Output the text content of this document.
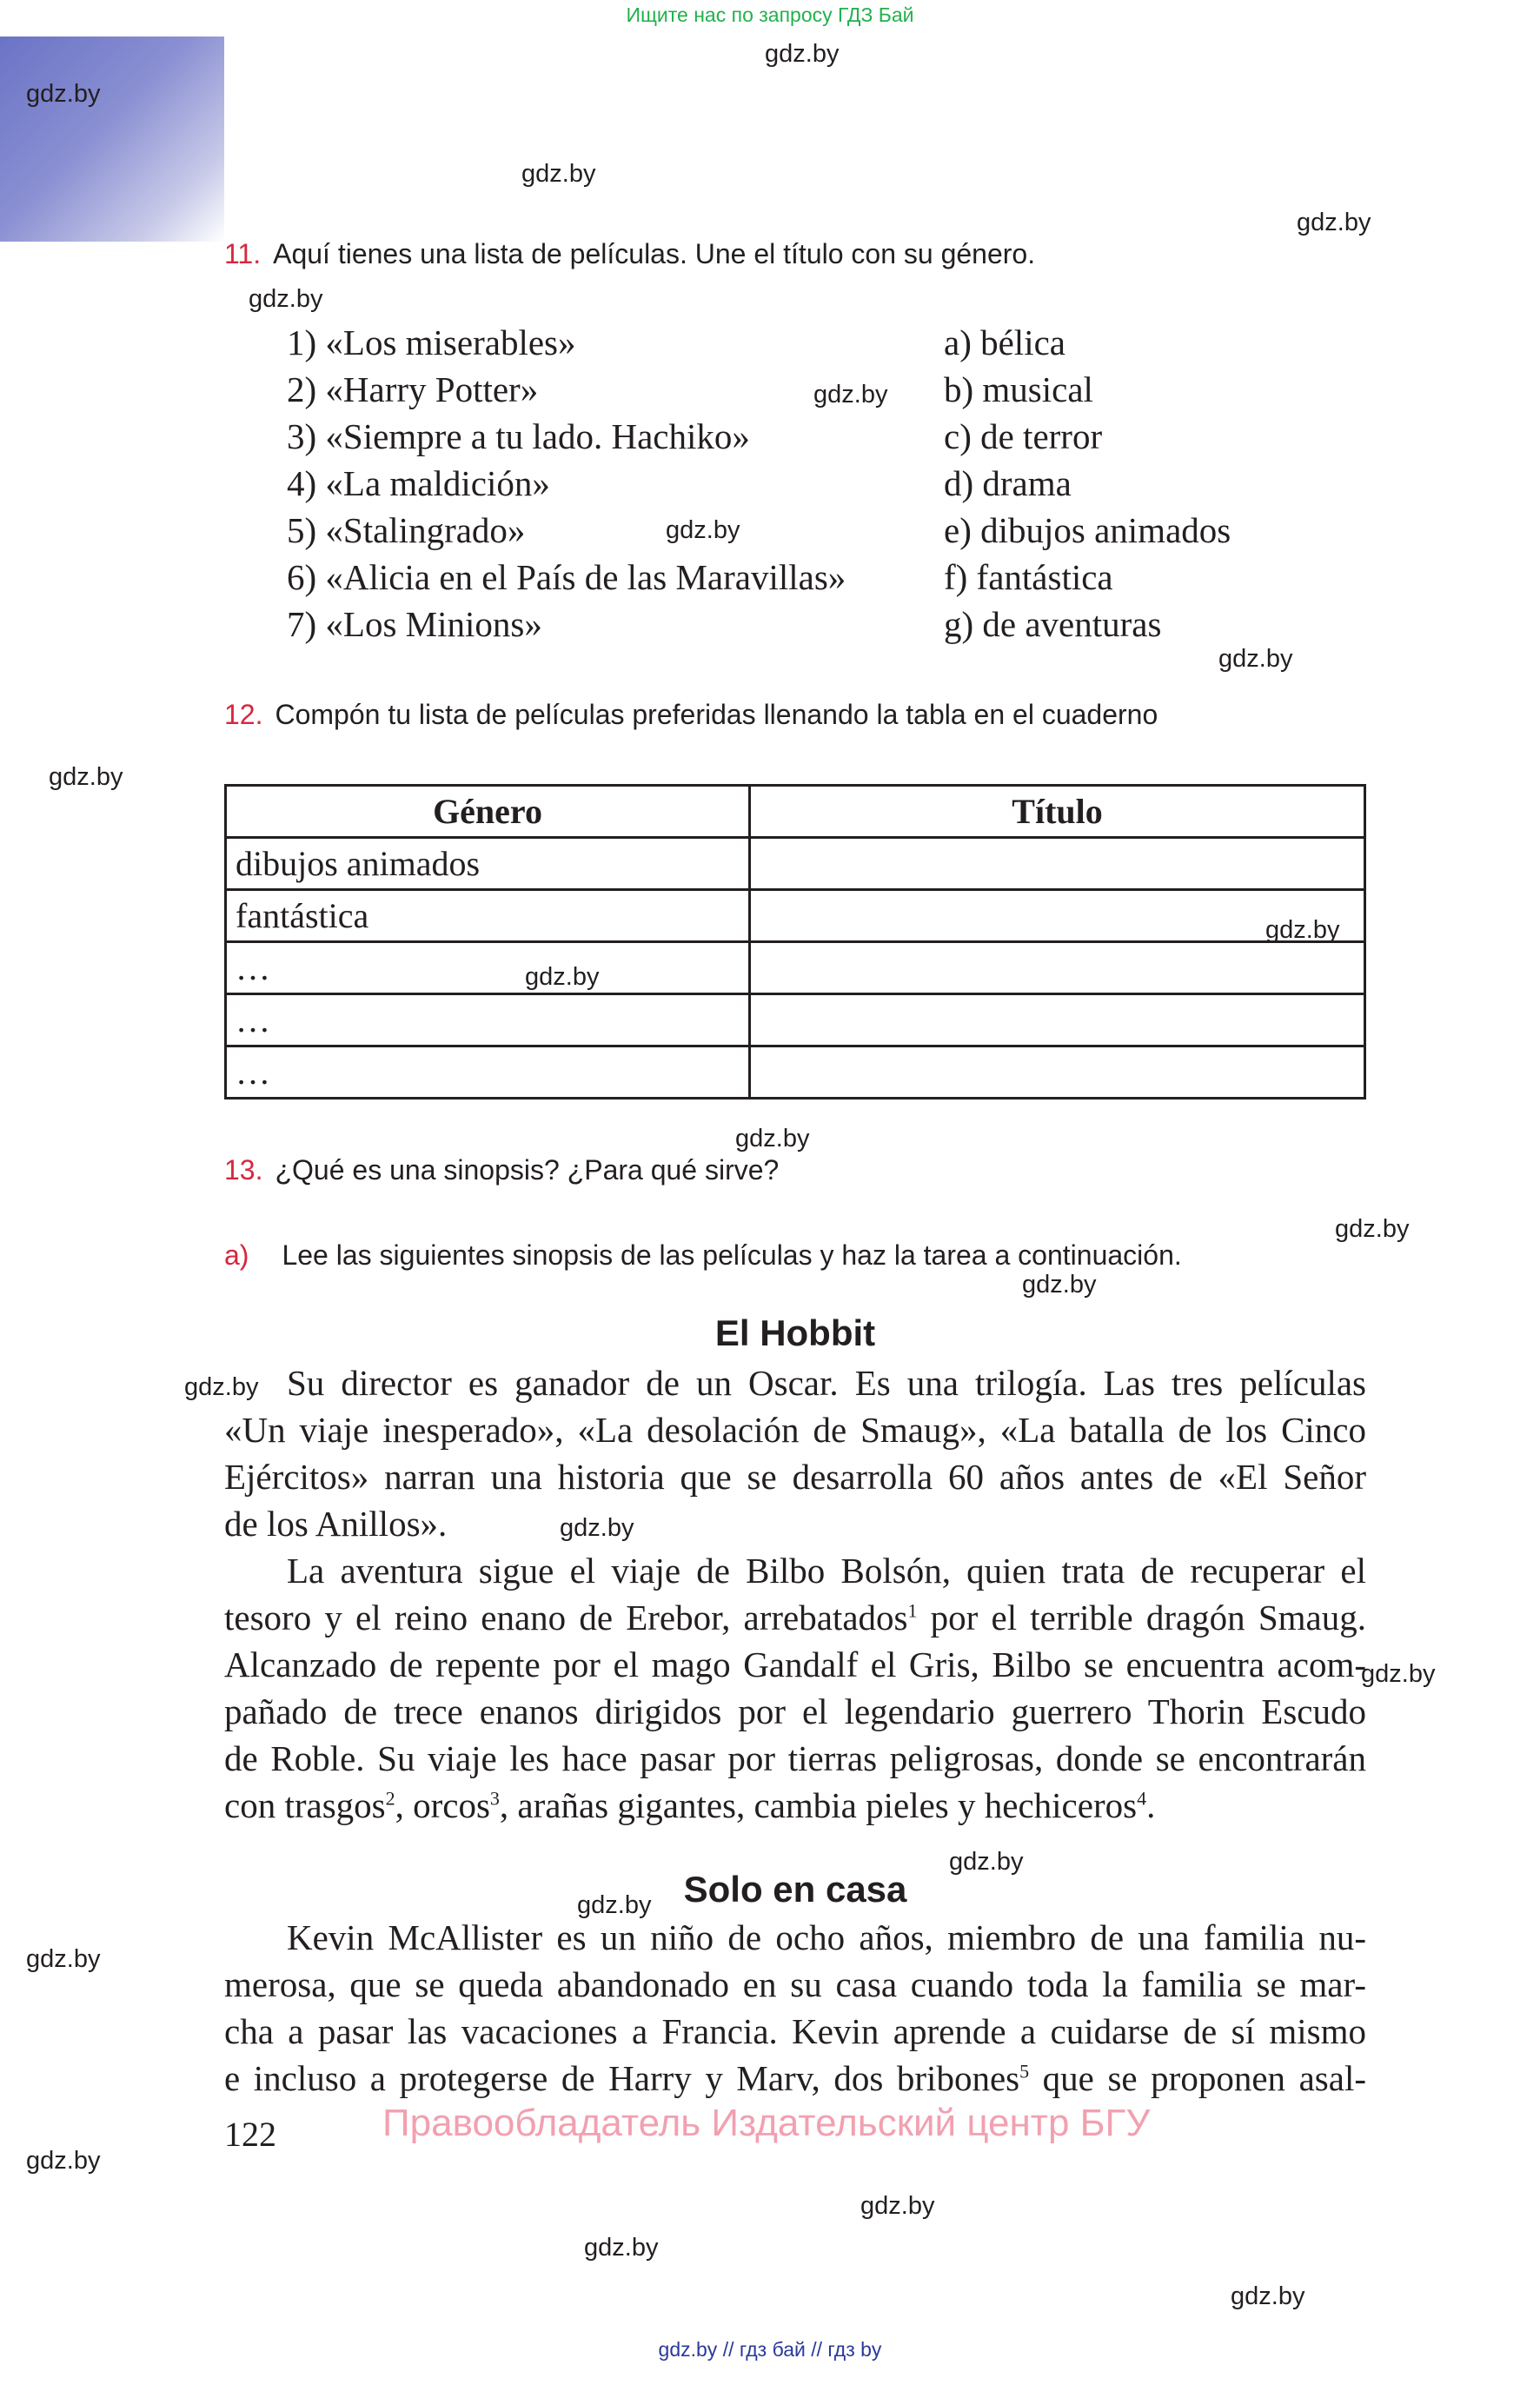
Ищите нас по запросу ГДЗ Бай
gdz.by
gdz.by
gdz.by
gdz.by
gdz.by
gdz.by
gdz.by
gdz.by
gdz.by
gdz.by
gdz.by
gdz.by
gdz.by
gdz.by
gdz.by
gdz.by
gdz.by
gdz.by
gdz.by
gdz.by
gdz.by
gdz.by
gdz.by
gdz.by
11. Aquí tienes una lista de películas. Une el título con su género.
1) «Los miserables»
2) «Harry Potter»
3) «Siempre a tu lado. Hachiko»
4) «La maldición»
5) «Stalingrado»
6) «Alicia en el País de las Maravillas»
7) «Los Minions»
a) bélica
b) musical
c) de terror
d) drama
e) dibujos animados
f) fantástica
g) de aventuras
12. Compón tu lista de películas preferidas llenando la tabla en el cuaderno
Género	Título
dibujos animados	
fantástica	
…	
…	
…	
13. ¿Qué es una sinopsis? ¿Para qué sirve?
a) Lee las siguientes sinopsis de las películas y haz la tarea a continuación.
El Hobbit
Su director es ganador de un Oscar. Es una trilogía. Las tres películas
«Un viaje inesperado», «La desolación de Smaug», «La batalla de los Cinco
Ejércitos» narran una historia que se desarrolla 60 años antes de «El Señor
de los Anillos».
La aventura sigue el viaje de Bilbo Bolsón, quien trata de recuperar el
tesoro y el reino enano de Erebor, arrebatados$^1$ por el terrible dragón Smaug.
Alcanzado de repente por el mago Gandalf el Gris, Bilbo se encuentra acom-
pañado de trece enanos dirigidos por el legendario guerrero Thorin Escudo
de Roble. Su viaje les hace pasar por tierras peligrosas, donde se encontrarán
con trasgos$^2$, orcos$^3$, arañas gigantes, cambia pieles y hechiceros$^4$.
Solo en casa
Kevin McAllister es un niño de ocho años, miembro de una familia nu-
merosa, que se queda abandonado en su casa cuando toda la familia se mar-
cha a pasar las vacaciones a Francia. Kevin aprende a cuidarse de sí mismo
e incluso a protegerse de Harry y Marv, dos bribones$^5$ que se proponen asal-
122	Правообладатель Издательский центр БГУ
gdz.by // гдз бай // гдз by
